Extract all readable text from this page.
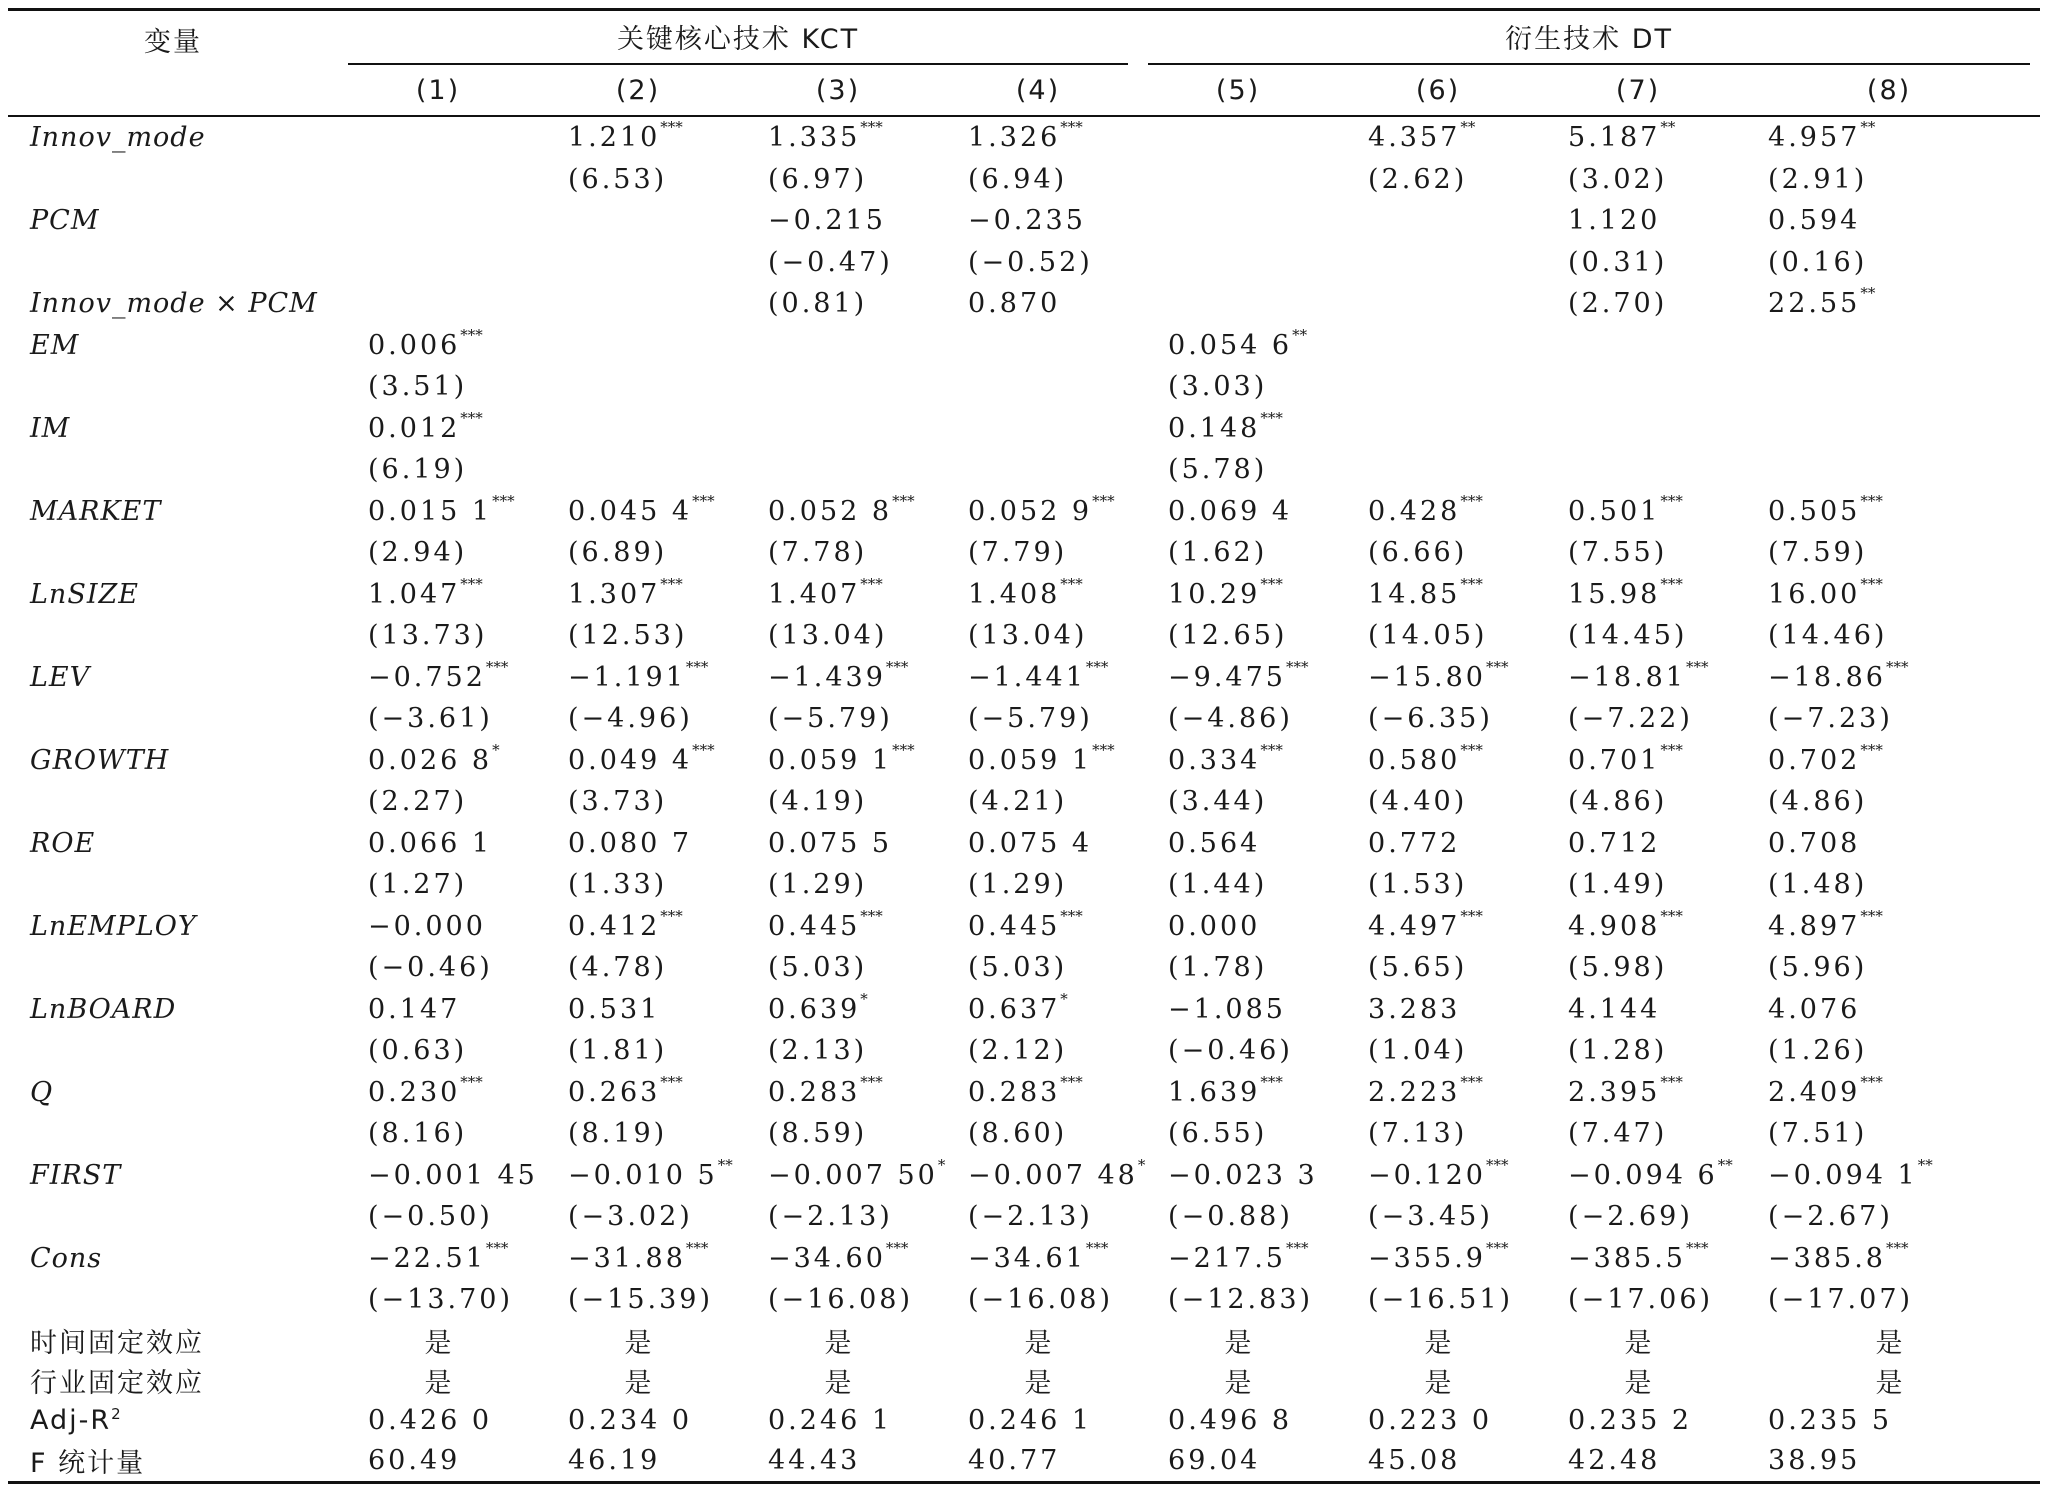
变量	关键核心技术 KCT				衍生技术 DT			

	(1)	(2)	(3)	(4)	(5)	(6)	(7)	(8)
Innov_mode		1.210***	1.335***	1.326***		4.357**	5.187**	4.957**
		(6.53)	(6.97)	(6.94)		(2.62)	(3.02)	(2.91)
PCM			−0.215	−0.235			1.120	0.594
			(−0.47)	(−0.52)			(0.31)	(0.16)
Innov_mode × PCM			(0.81)	0.870			(2.70)	22.55**
EM	0.006***				0.054 6**			
	(3.51)				(3.03)			
IM	0.012***				0.148***			
	(6.19)				(5.78)			
MARKET	0.015 1***	0.045 4***	0.052 8***	0.052 9***	0.069 4	0.428***	0.501***	0.505***
	(2.94)	(6.89)	(7.78)	(7.79)	(1.62)	(6.66)	(7.55)	(7.59)
LnSIZE	1.047***	1.307***	1.407***	1.408***	10.29***	14.85***	15.98***	16.00***
	(13.73)	(12.53)	(13.04)	(13.04)	(12.65)	(14.05)	(14.45)	(14.46)
LEV	−0.752***	−1.191***	−1.439***	−1.441***	−9.475***	−15.80***	−18.81***	−18.86***
	(−3.61)	(−4.96)	(−5.79)	(−5.79)	(−4.86)	(−6.35)	(−7.22)	(−7.23)
GROWTH	0.026 8*	0.049 4***	0.059 1***	0.059 1***	0.334***	0.580***	0.701***	0.702***
	(2.27)	(3.73)	(4.19)	(4.21)	(3.44)	(4.40)	(4.86)	(4.86)
ROE	0.066 1	0.080 7	0.075 5	0.075 4	0.564	0.772	0.712	0.708
	(1.27)	(1.33)	(1.29)	(1.29)	(1.44)	(1.53)	(1.49)	(1.48)
LnEMPLOY	−0.000	0.412***	0.445***	0.445***	0.000	4.497***	4.908***	4.897***
	(−0.46)	(4.78)	(5.03)	(5.03)	(1.78)	(5.65)	(5.98)	(5.96)
LnBOARD	0.147	0.531	0.639*	0.637*	−1.085	3.283	4.144	4.076
	(0.63)	(1.81)	(2.13)	(2.12)	(−0.46)	(1.04)	(1.28)	(1.26)
Q	0.230***	0.263***	0.283***	0.283***	1.639***	2.223***	2.395***	2.409***
	(8.16)	(8.19)	(8.59)	(8.60)	(6.55)	(7.13)	(7.47)	(7.51)
FIRST	−0.001 45	−0.010 5**	−0.007 50*	−0.007 48*	−0.023 3	−0.120***	−0.094 6**	−0.094 1**
	(−0.50)	(−3.02)	(−2.13)	(−2.13)	(−0.88)	(−3.45)	(−2.69)	(−2.67)
Cons	−22.51***	−31.88***	−34.60***	−34.61***	−217.5***	−355.9***	−385.5***	−385.8***
	(−13.70)	(−15.39)	(−16.08)	(−16.08)	(−12.83)	(−16.51)	(−17.06)	(−17.07)
时间固定效应	是	是	是	是	是	是	是	是
行业固定效应	是	是	是	是	是	是	是	是
Adj-$R^2$	0.426 0	0.234 0	0.246 1	0.246 1	0.496 8	0.223 0	0.235 2	0.235 5
F 统计量	60.49	46.19	44.43	40.77	69.04	45.08	42.48	38.95
